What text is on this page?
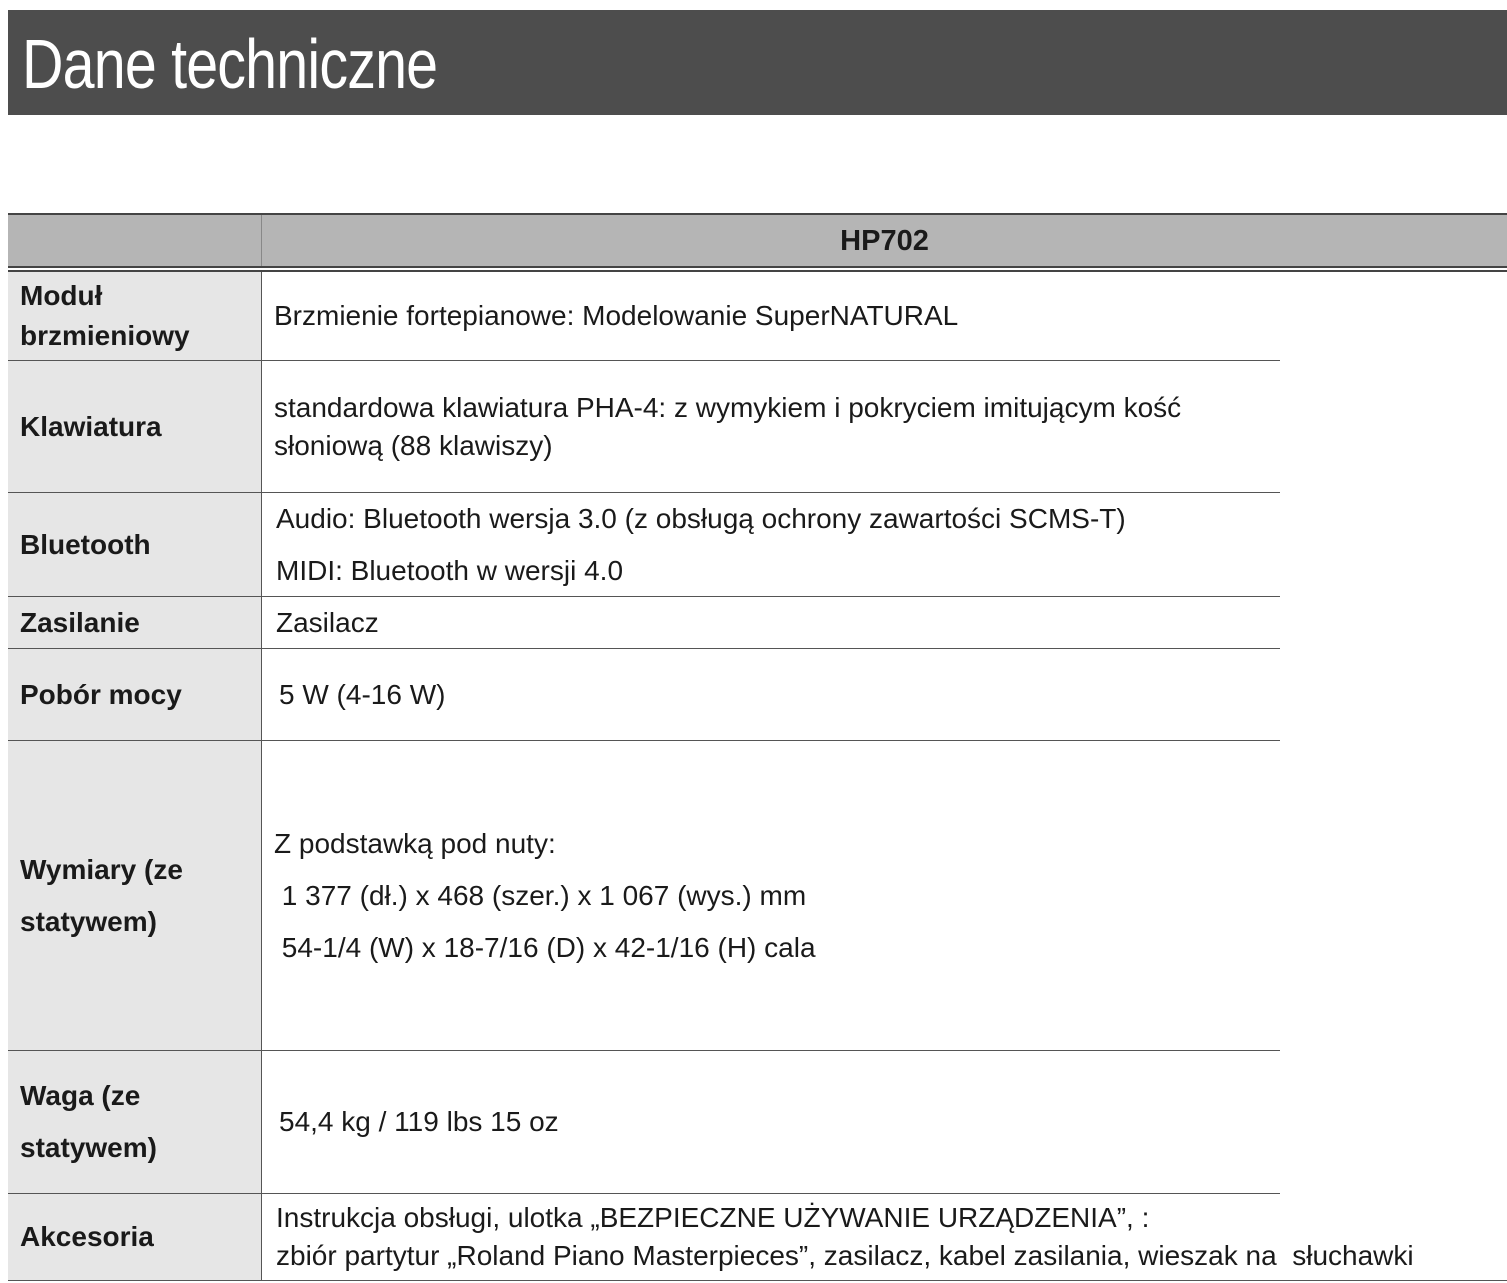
Dane techniczne
HP702
Moduł brzmieniowy
Brzmienie fortepianowe: Modelowanie SuperNATURAL
Klawiatura
standardowa klawiatura PHA-4: z wymykiem i pokryciem imitującym kość
słoniową (88 klawiszy)
Bluetooth
Audio: Bluetooth wersja 3.0 (z obsługą ochrony zawartości SCMS-T)
MIDI: Bluetooth w wersji 4.0
Zasilanie	Zasilacz
Pobór mocy	5 W (4-16 W)
Wymiary (ze statywem)
Z podstawką pod nuty:
1 377 (dł.) x 468 (szer.) x 1 067 (wys.) mm
54-1/4 (W) x 18-7/16 (D) x 42-1/16 (H) cala
Waga (ze statywem)
54,4 kg / 119 lbs 15 oz
Akcesoria
Instrukcja obsługi, ulotka „BEZPIECZNE UŻYWANIE URZĄDZENIA”, :
zbiór partytur „Roland Piano Masterpieces”, zasilacz, kabel zasilania, wieszak na  słuchawki
